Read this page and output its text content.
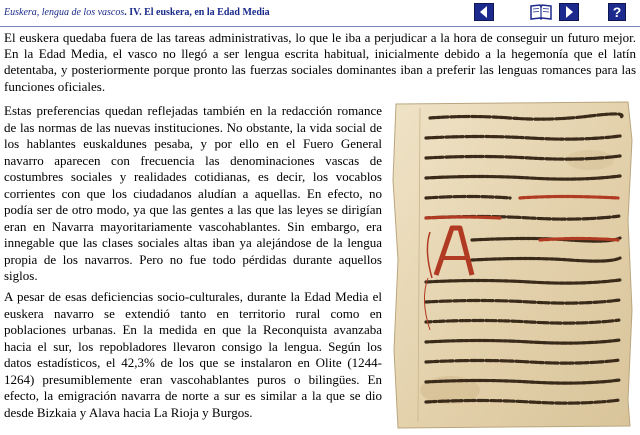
Euskera, lengua de los vascos. IV. El euskera, en la Edad Media	?
El euskera quedaba fuera de las tareas administrativas, lo que le iba a perjudicar a la hora de conseguir un futuro mejor. En la Edad Media, el vasco no llegó a ser lengua escrita habitual, inicialmente debido a la hegemonía que el latín detentaba, y posteriormente porque pronto las fuerzas sociales dominantes iban a preferir las lenguas romances para las funciones oficiales.
Estas preferencias quedan reflejadas también en la redacción romance de las normas de las nuevas instituciones. No obstante, la vida social de los hablantes euskaldunes pesaba, y por ello en el Fuero General navarro aparecen con frecuencia las denominaciones vascas de costumbres sociales y realidades cotidianas, es decir, los vocablos corrientes con que los ciudadanos aludían a aquellas. En efecto, no podía ser de otro modo, ya que las gentes a las que las leyes se dirigían eran en Navarra mayoritariamente vascohablantes. Sin embargo, era innegable que las clases sociales altas iban ya alejándose de la lengua propia de los navarros. Pero no fue todo pérdidas durante aquellos siglos.
A pesar de esas deficiencias socio-culturales, durante la Edad Media el euskera navarro se extendió tanto en territorio rural como en poblaciones urbanas. En la medida en que la Reconquista avanzaba hacia el sur, los repobladores llevaron consigo la lengua. Según los datos estadísticos, el 42,3% de los que se instalaron en Olite (1244-1264) presumiblemente eran vascohablantes puros o bilingües. En efecto, la emigración navarra de norte a sur es similar a la que se dio desde Bizkaia y Alava hacia La Rioja y Burgos.
